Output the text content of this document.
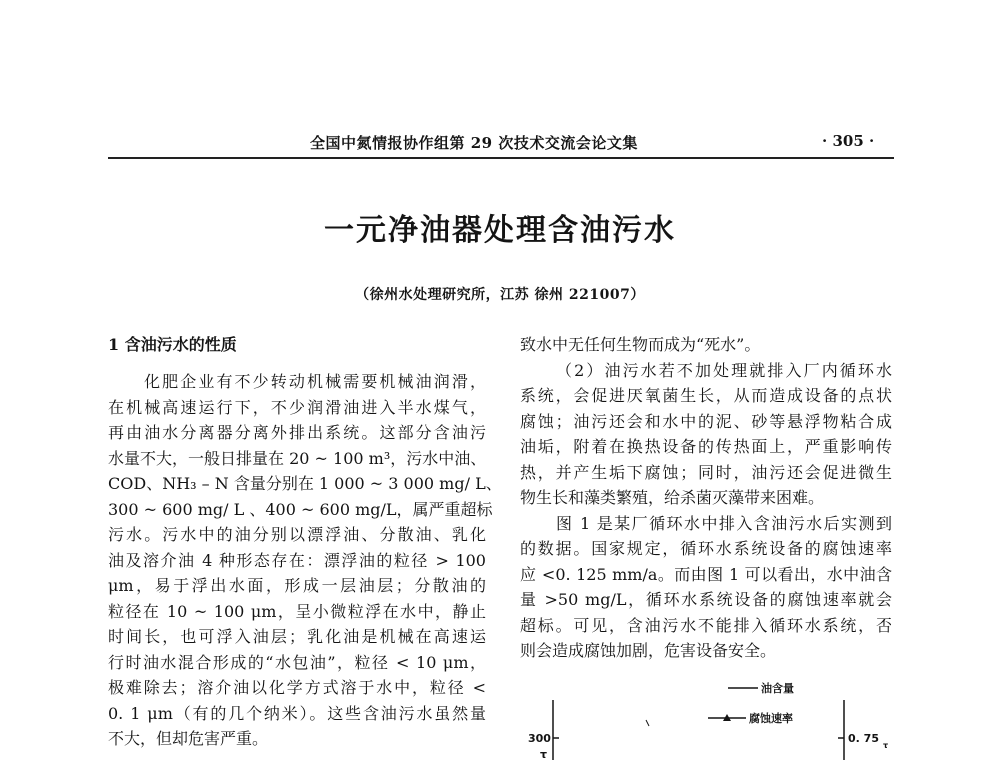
全国中氮情报协作组第 29 次技术交流会论文集	· 305 ·
一元净油器处理含油污水
（徐州水处理研究所，江苏 徐州 221007）
1 含油污水的性质
化肥企业有不少转动机械需要机械油润滑，
在机械高速运行下，不少润滑油进入半水煤气，
再由油水分离器分离外排出系统。这部分含油污
水量不大，一般日排量在 20 ~ 100 m³，污水中油、
COD、NH₃ – N 含量分别在 1 000 ~ 3 000 mg/ L、
300 ~ 600 mg/ L 、400 ~ 600 mg/L，属严重超标
污水。污水中的油分别以漂浮油、分散油、乳化
油及溶介油 4 种形态存在：漂浮油的粒径 > 100
μm，易于浮出水面，形成一层油层；分散油的
粒径在 10 ~ 100 μm，呈小微粒浮在水中，静止
时间长，也可浮入油层；乳化油是机械在高速运
行时油水混合形成的“水包油”，粒径 < 10 μm，
极难除去；溶介油以化学方式溶于水中，粒径 <
0. 1 μm（有的几个纳米）。这些含油污水虽然量
不大，但却危害严重。
致水中无任何生物而成为“死水”。
（2）油污水若不加处理就排入厂内循环水
系统，会促进厌氧菌生长，从而造成设备的点状
腐蚀；油污还会和水中的泥、砂等悬浮物粘合成
油垢，附着在换热设备的传热面上，严重影响传
热，并产生垢下腐蚀；同时，油污还会促进微生
物生长和藻类繁殖，给杀菌灭藻带来困难。
图 1 是某厂循环水中排入含油污水后实测到
的数据。国家规定，循环水系统设备的腐蚀速率
应 <0. 125 mm/a。而由图 1 可以看出，水中油含
量 >50 mg/L，循环水系统设备的腐蚀速率就会
超标。可见，含油污水不能排入循环水系统，否
则会造成腐蚀加剧，危害设备安全。
油含量
腐蚀速率
300
τ
0. 75
τ
